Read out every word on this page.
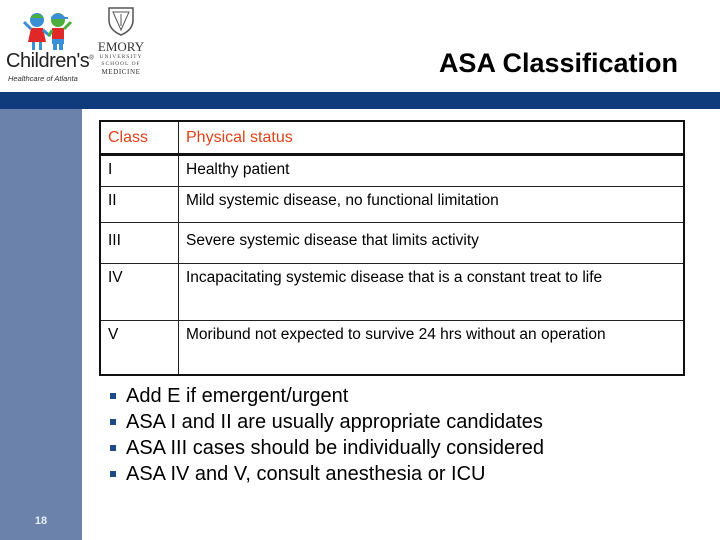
Children's®
Healthcare of Atlanta
EMORY
UNIVERSITY
SCHOOL OF
MEDICINE	ASA Classification
18
Class	Physical status
I	Healthy patient
II	Mild systemic disease, no functional limitation
III	Severe systemic disease that limits activity
IV	Incapacitating systemic disease that is a constant treat to life
V	Moribund not expected to survive 24 hrs without an operation
Add E if emergent/urgent
ASA I and II are usually appropriate candidates
ASA III cases should be individually considered
ASA IV and V, consult anesthesia or ICU
